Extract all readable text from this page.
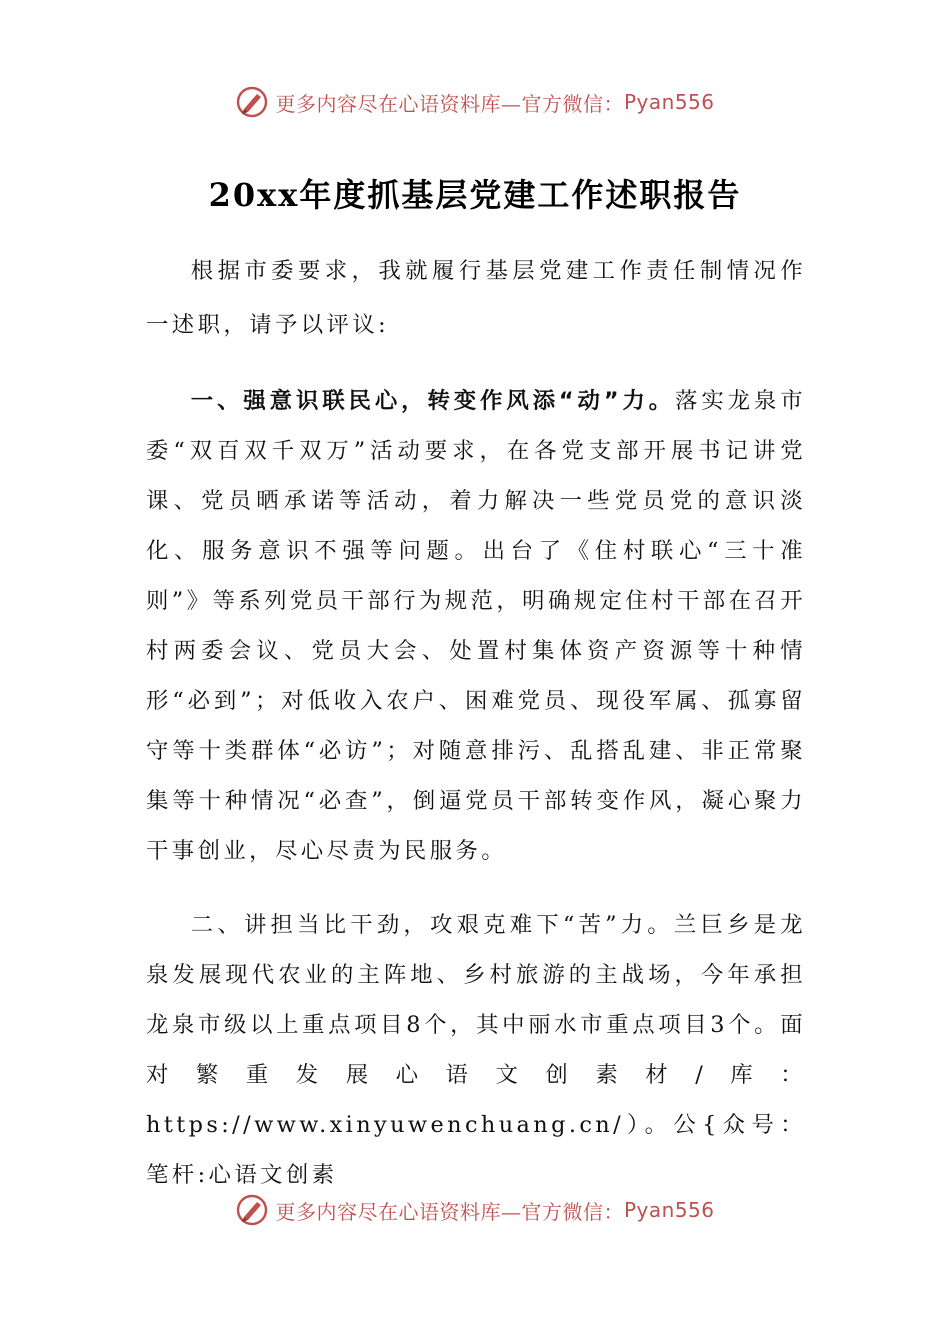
更多内容尽在心语资料库—官方微信： Pyan556
20xx年度抓基层党建工作述职报告

根据市委要求，我就履行基层党建工作责任制情况作一述职，请予以评议:

一、强意识联民心，转变作风添“动”力。落实龙泉市委“双百双千双万”活动要求，在各党支部开展书记讲党课、党员晒承诺等活动，着力解决一些党员党的意识淡化、服务意识不强等问题。出台了《住村联心“三十准则”》等系列党员干部行为规范，明确规定住村干部在召开村两委会议、党员大会、处置村集体资产资源等十种情形“必到”；对低收入农户、困难党员、现役军属、孤寡留守等十类群体“必访”；对随意排污、乱搭乱建、非正常聚集等十种情况“必查”，倒逼党员干部转变作风，凝心聚力干事创业，尽心尽责为民服务。

二、讲担当比干劲，攻艰克难下“苦”力。兰巨乡是龙泉发展现代农业的主阵地、乡村旅游的主战场，今年承担龙泉市级以上重点项目8个，其中丽水市重点项目3个。面对繁重发展心语文创素材/库：https://www.xinyuwenchuang.cn/）。公{众号：笔杆:心语文创素

更多内容尽在心语资料库—官方微信： Pyan556
